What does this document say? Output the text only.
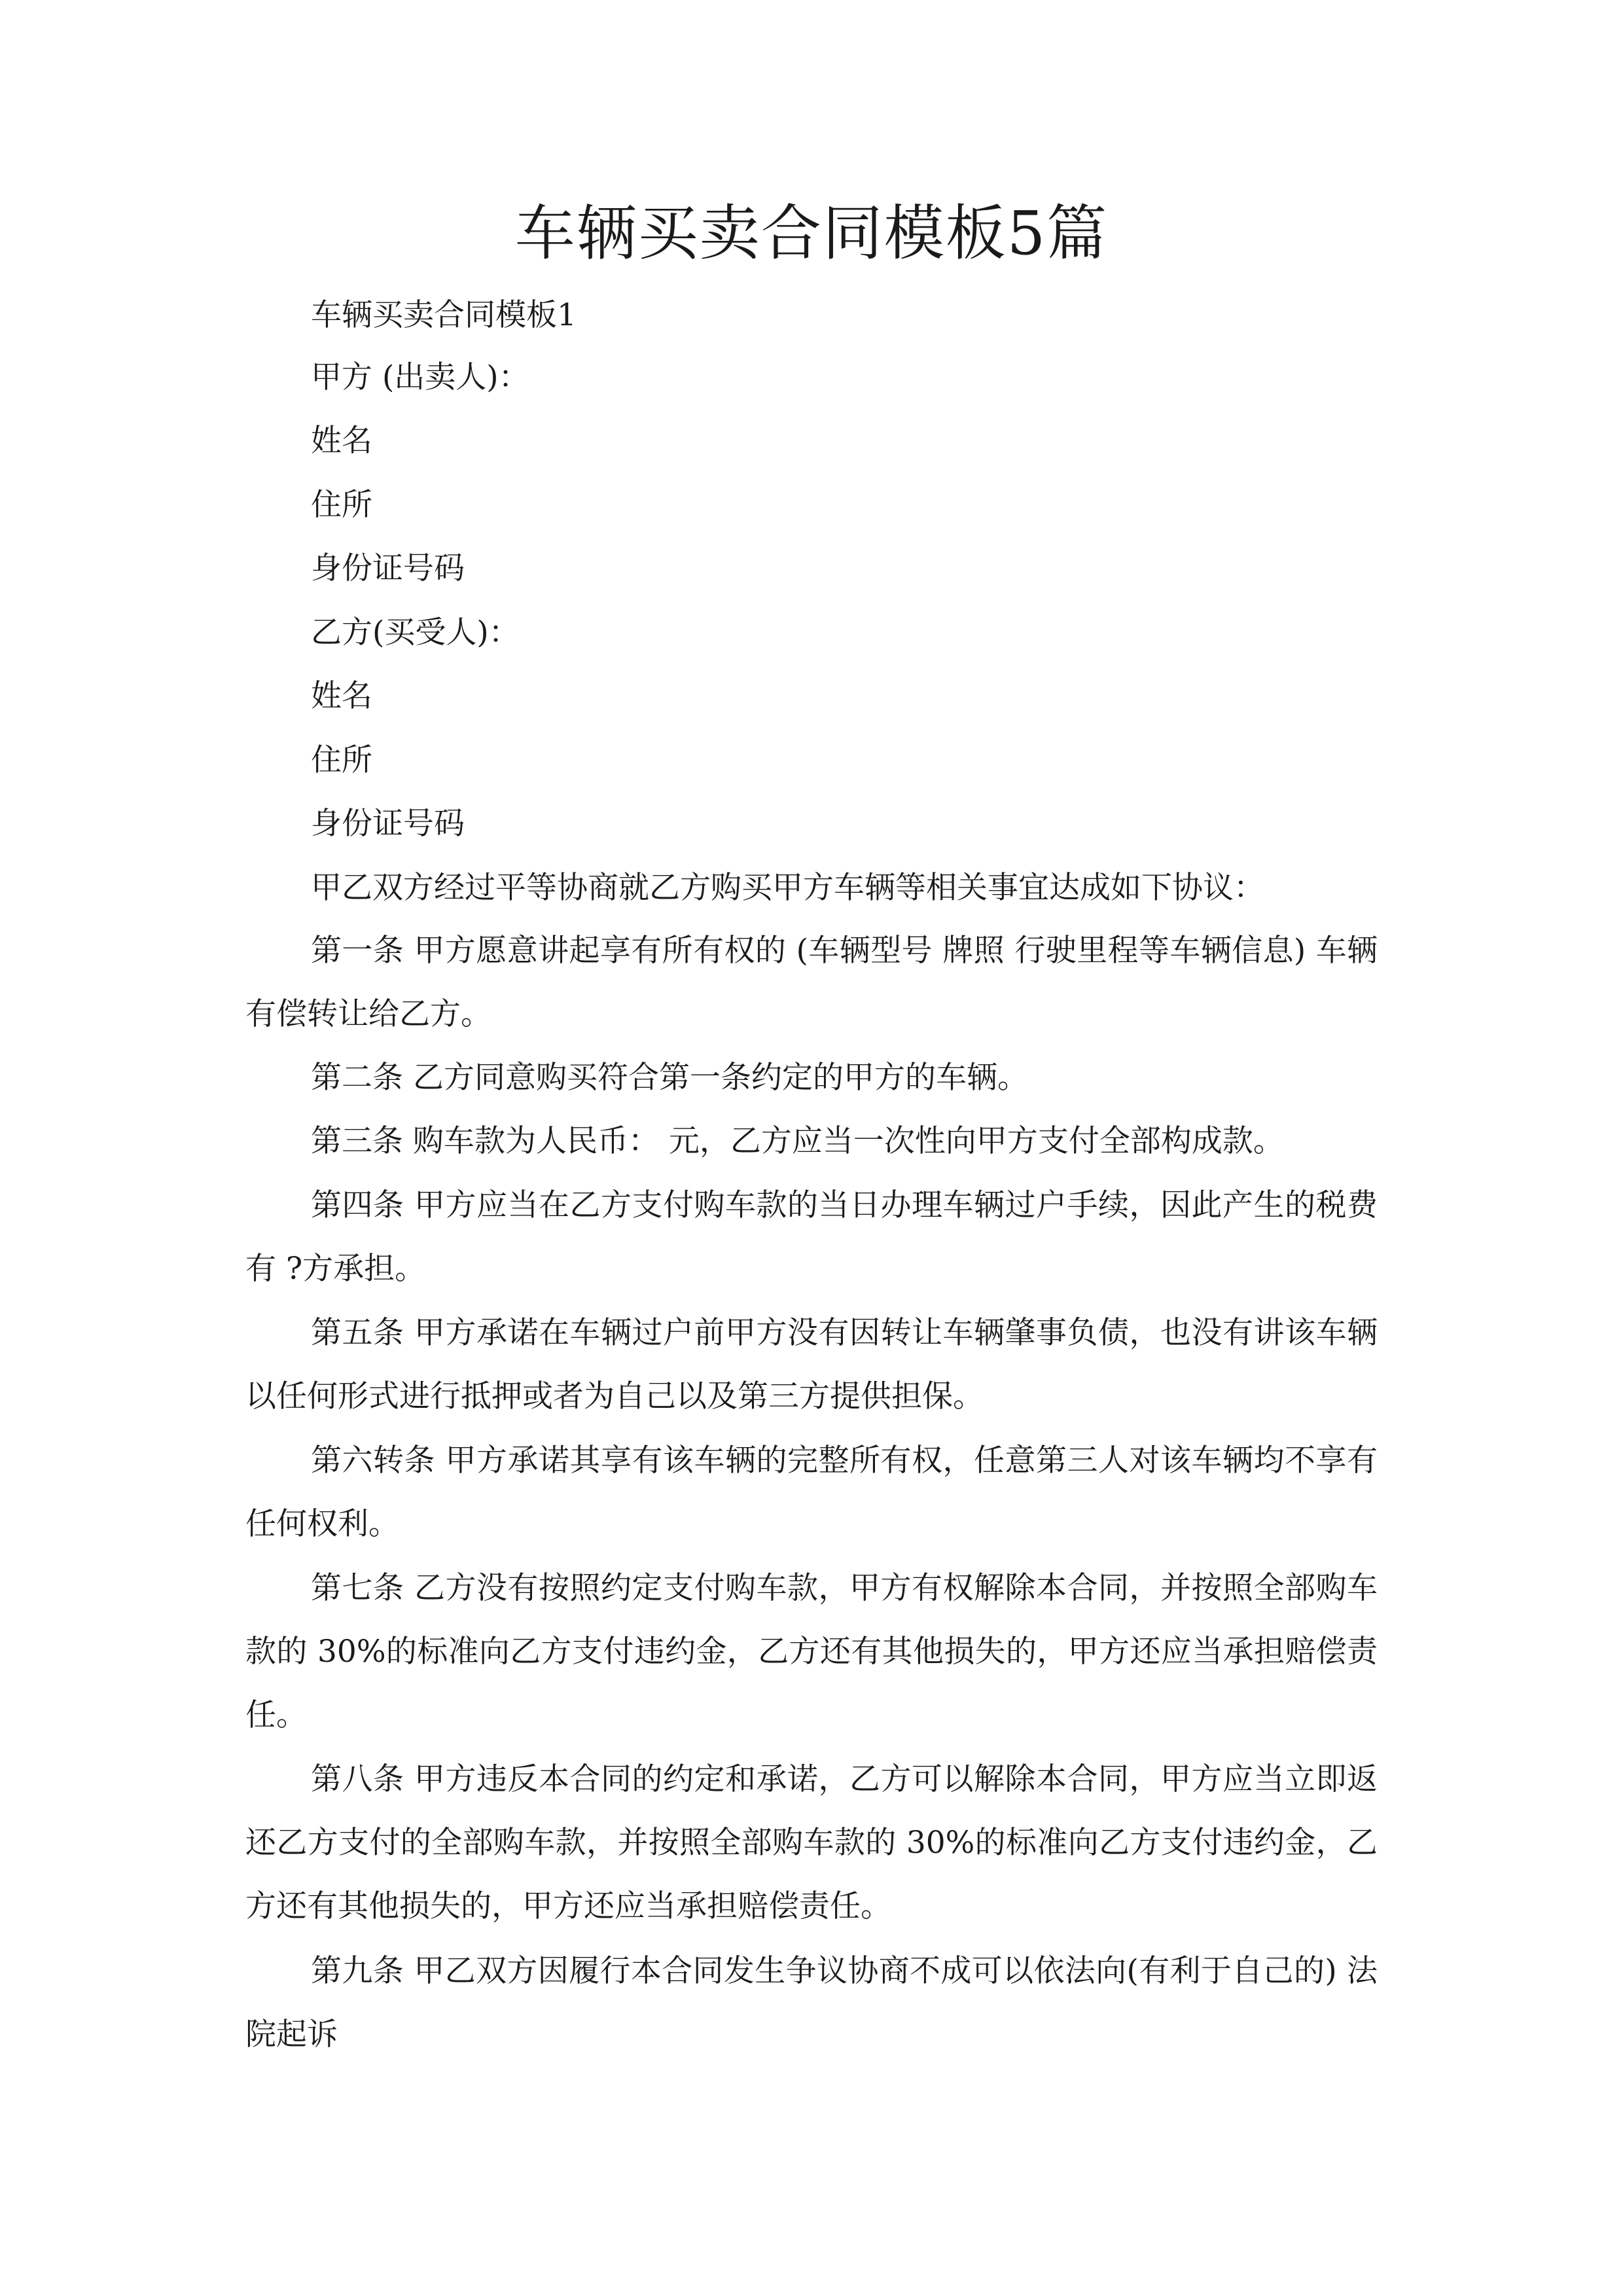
车辆买卖合同模板5篇

车辆买卖合同模板1

甲方 (出卖人)：

姓名

住所

身份证号码

乙方(买受人)：

姓名

住所

身份证号码

甲乙双方经过平等协商就乙方购买甲方车辆等相关事宜达成如下协议：

第一条 甲方愿意讲起享有所有权的 (车辆型号 牌照 行驶里程等车辆信息) 车辆有偿转让给乙方。

第二条 乙方同意购买符合第一条约定的甲方的车辆。

第三条 购车款为人民币： 元，乙方应当一次性向甲方支付全部构成款。

第四条 甲方应当在乙方支付购车款的当日办理车辆过户手续，因此产生的税费有 ?方承担。

第五条 甲方承诺在车辆过户前甲方没有因转让车辆肇事负债，也没有讲该车辆以任何形式进行抵押或者为自己以及第三方提供担保。

第六转条 甲方承诺其享有该车辆的完整所有权，任意第三人对该车辆均不享有任何权利。

第七条 乙方没有按照约定支付购车款，甲方有权解除本合同，并按照全部购车款的 30%的标准向乙方支付违约金，乙方还有其他损失的，甲方还应当承担赔偿责任。

第八条 甲方违反本合同的约定和承诺，乙方可以解除本合同，甲方应当立即返还乙方支付的全部购车款，并按照全部购车款的 30%的标准向乙方支付违约金，乙方还有其他损失的，甲方还应当承担赔偿责任。

第九条 甲乙双方因履行本合同发生争议协商不成可以依法向(有利于自己的) 法院起诉
